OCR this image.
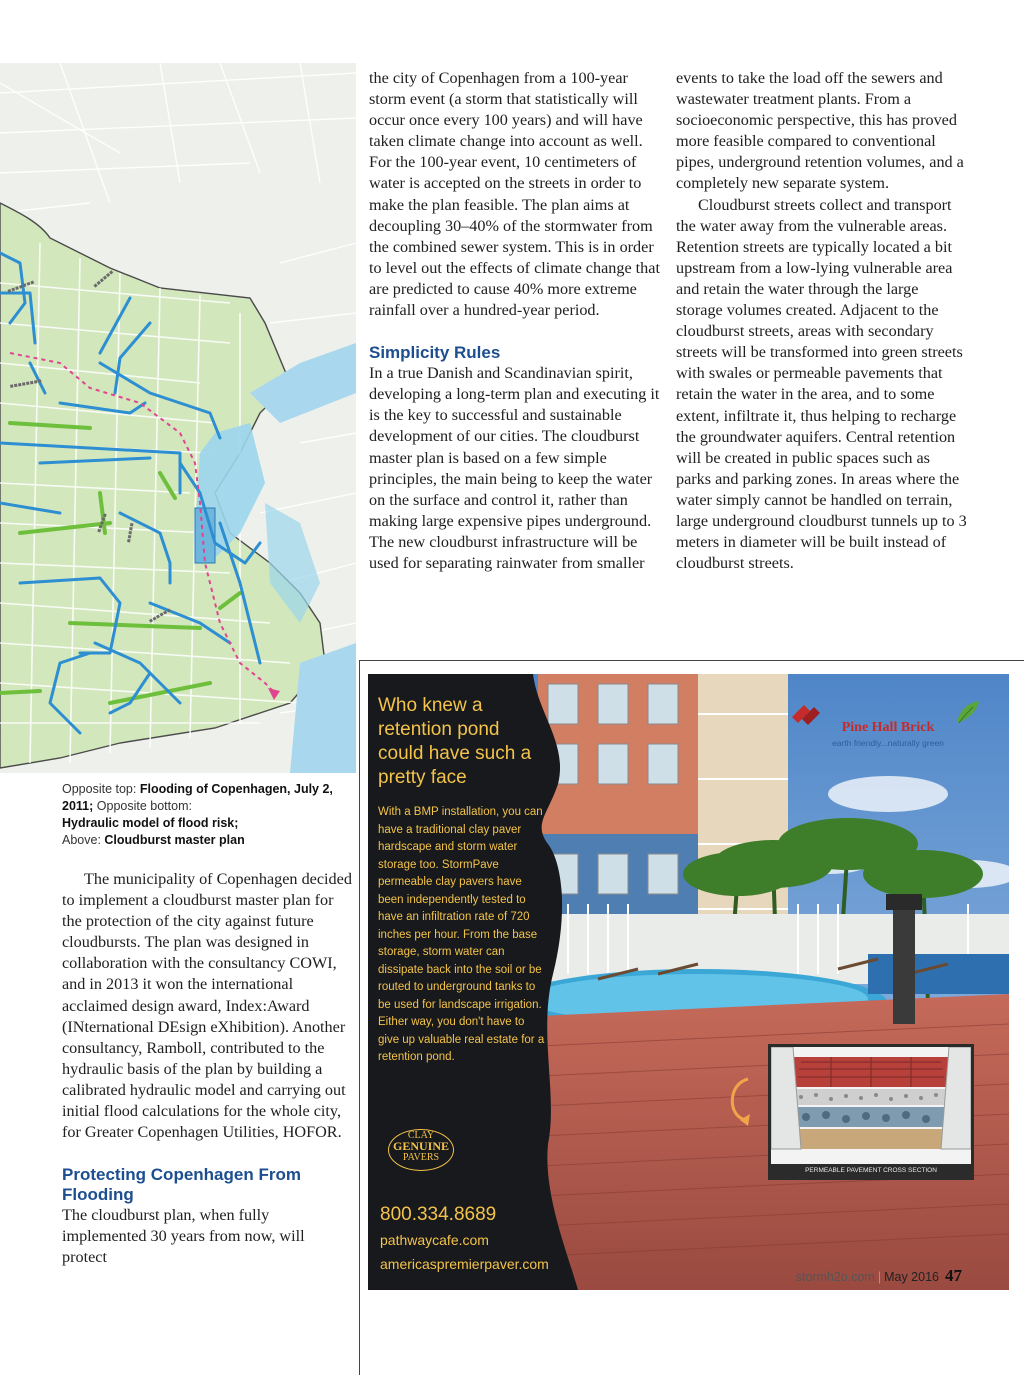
▪▪▪▪▪▪▪	▪▪▪▪▪▪
▪▪▪▪▪▪▪▪
▪▪▪▪▪	▪▪▪▪▪
▪▪▪▪▪▪
Opposite top: Flooding of Copenhagen, July 2, 2011; Opposite bottom:
Hydraulic model of flood risk;
Above: Cloudburst master plan

The municipality of Copenhagen decided to implement a cloudburst master plan for the protection of the city against future cloudbursts. The plan was designed in collaboration with the consultancy COWI, and in 2013 it won the international acclaimed design award, Index:Award (INternational DEsign eXhibition). Another consultancy, Ramboll, contributed to the hydraulic basis of the plan by building a calibrated hydraulic model and carrying out initial flood calculations for the whole city, for Greater Copenhagen Utilities, HOFOR.

Protecting Copenhagen From Flooding

The cloudburst plan, when fully implemented 30 years from now, will protect

the city of Copenhagen from a 100-year storm event (a storm that statistically will occur once every 100 years) and will have taken climate change into account as well. For the 100-year event, 10 centimeters of water is accepted on the streets in order to make the plan feasible. The plan aims at decoupling 30–40% of the stormwater from the combined sewer system. This is in order to level out the effects of climate change that are predicted to cause 40% more extreme rainfall over a hundred-year period.

Simplicity Rules

In a true Danish and Scandinavian spirit, developing a long-term plan and executing it is the key to successful and sustainable development of our cities. The cloudburst master plan is based on a few simple principles, the main being to keep the water on the surface and control it, rather than making large expensive pipes underground. The new cloudburst infrastructure will be used for separating rainwater from smaller

events to take the load off the sewers and wastewater treatment plants. From a socioeconomic perspective, this has proved more feasible compared to conventional pipes, underground retention volumes, and a completely new separate system.

Cloudburst streets collect and transport the water away from the vulnerable areas. Retention streets are typically located a bit upstream from a low-lying vulnerable area and retain the water through the large storage volumes created. Adjacent to the cloudburst streets, areas with secondary streets will be transformed into green streets with swales or permeable pavements that retain the water in the area, and to some extent, infiltrate it, thus helping to recharge the groundwater aquifers. Central retention will be created in public spaces such as parks and parking zones. In areas where the water simply cannot be handled on terrain, large underground cloudburst tunnels up to 3 meters in diameter will be built instead of cloudburst streets.

Who knew a retention pond could have such a pretty face

With a BMP installation, you can have a traditional clay paver hardscape and storm water storage too. StormPave permeable clay pavers have been independently tested to have an infiltration rate of 720 inches per hour. From the base storage, storm water can dissipate back into the soil or be routed to underground tanks to be used for landscape irrigation. Either way, you don't have to give up valuable real estate for a retention pond.

CLAY
GENUINE
PAVERS
800.334.8689
pathwaycafe.com
americaspremierpaver.com
Pine Hall Brick
earth friendly...naturally green
PERMEABLE PAVEMENT CROSS SECTION
stormh2o.com | May 2016 47
